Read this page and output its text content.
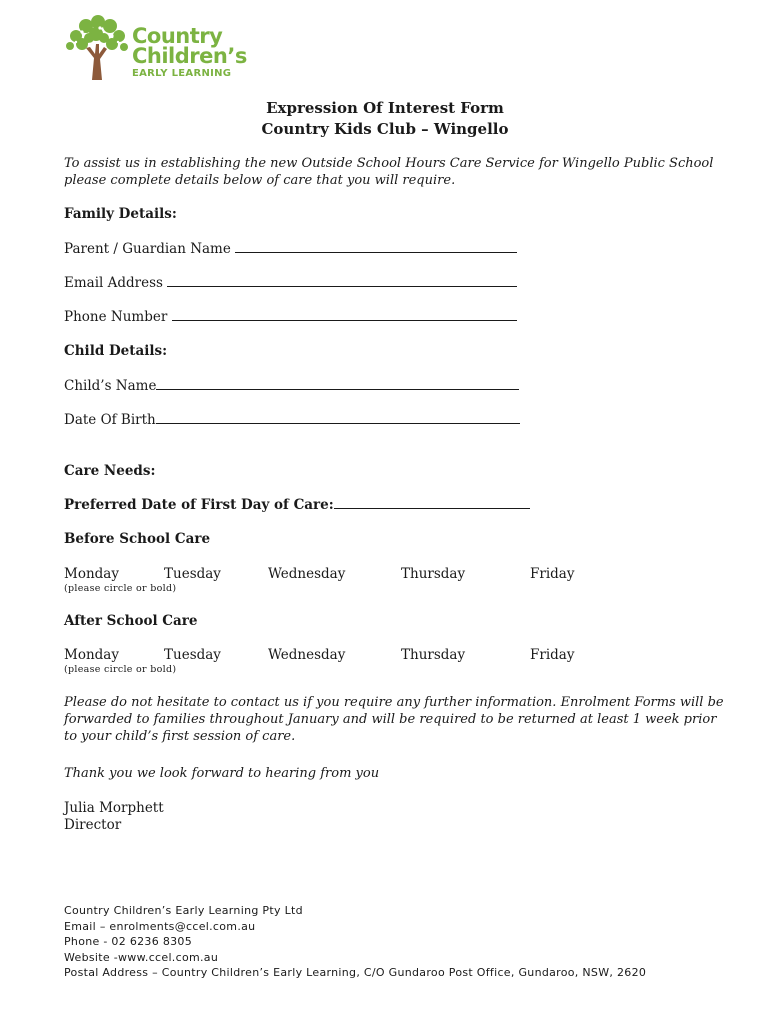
Country
Children’s
EARLY LEARNING
Expression Of Interest Form
Country Kids Club – Wingello
To assist us in establishing the new Outside School Hours Care Service for Wingello Public School please complete details below of care that you will require.
Family Details:
Parent / Guardian Name
Email Address
Phone Number
Child Details:
Child’s Name
Date Of Birth
Care Needs:
Preferred Date of First Day of Care:
Before School Care
Monday	Tuesday	Wednesday	Thursday	Friday
(please circle or bold)
After School Care
Monday	Tuesday	Wednesday	Thursday	Friday
(please circle or bold)
Please do not hesitate to contact us if you require any further information. Enrolment Forms will be forwarded to families throughout January and will be required to be returned at least 1 week prior to your child’s first session of care.
Thank you we look forward to hearing from you
Julia Morphett
Director
Country Children’s Early Learning Pty Ltd
Email – enrolments@ccel.com.au
Phone - 02 6236 8305
Website -www.ccel.com.au
Postal Address – Country Children’s Early Learning, C/O Gundaroo Post Office, Gundaroo, NSW, 2620
